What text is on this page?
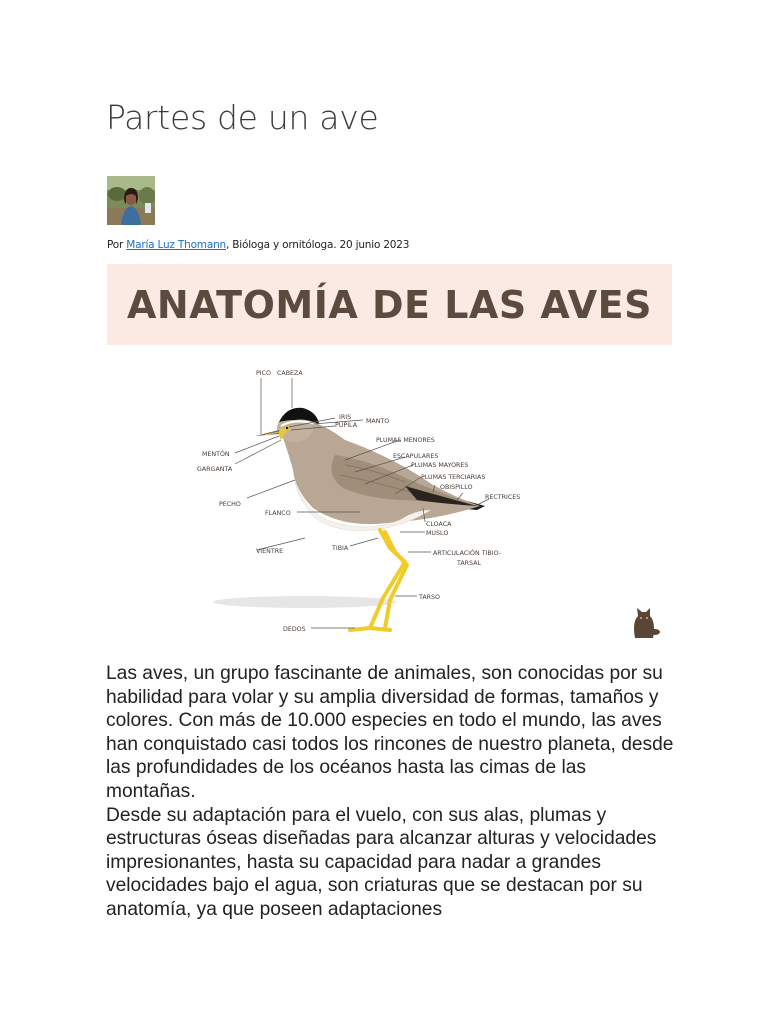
Partes de un ave
Por María Luz Thomann, Bióloga y ornitóloga. 20 junio 2023
ANATOMÍA DE LAS AVES
PICO CABEZA
IRIS
PUPILA
MANTO
PLUMAS MENORES
ESCAPULARES
PLUMAS MAYORES
PLUMAS TERCIARIAS
OBISPILLO
RECTRICES
MENTÓN
GARGANTA
PECHO
FLANCO
CLOACA
MUSLO
VIENTRE	TIBIA
ARTICULACIÓN TIBIO-
TARSAL
TARSO
DEDOS

Las aves, un grupo fascinante de animales, son conocidas por su habilidad para volar y su amplia diversidad de formas, tamaños y colores. Con más de 10.000 especies en todo el mundo, las aves han conquistado casi todos los rincones de nuestro planeta, desde las profundidades de los océanos hasta las cimas de las montañas.

Desde su adaptación para el vuelo, con sus alas, plumas y estructuras óseas diseñadas para alcanzar alturas y velocidades impresionantes, hasta su capacidad para nadar a grandes velocidades bajo el agua, son criaturas que se destacan por su anatomía, ya que poseen adaptaciones
